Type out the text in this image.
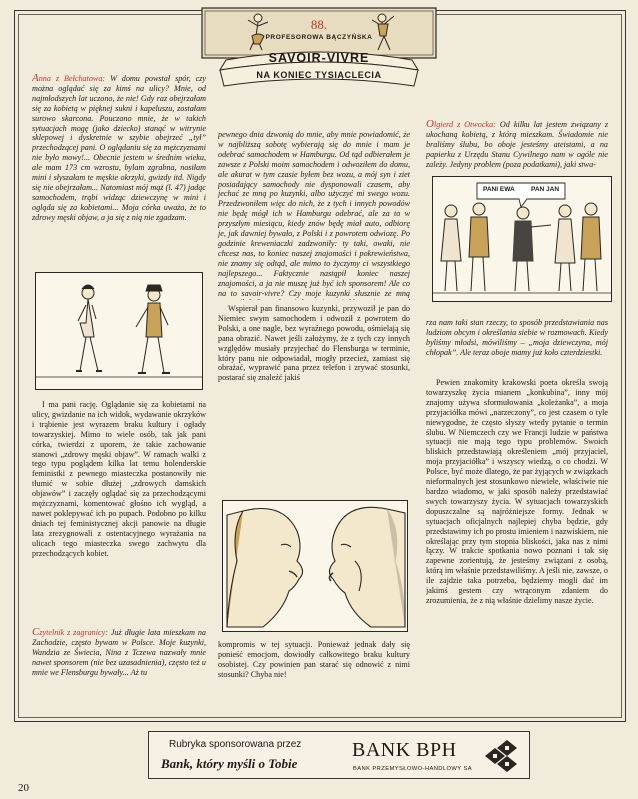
88.
PROFESOROWA BĄCZYŃSKA
SAVOIR-VIVRE
NA KONIEC TYSIĄCLECIA

Anna z Bełchatowa: W domu powstał spór, czy można oglądać się za kimś na ulicy? Mnie, od najmłodszych lat uczono, że nie! Gdy raz obejrzałam się za kobietą w pięknej sukni i kapeluszu, zostałam surowo skarcona. Pouczono mnie, że w takich sytuacjach mogę (jako dziecko) stanąć w witrynie sklepowej i dyskretnie w szybie obejrzeć „tył” przechodzącej pani. O oglądaniu się za mężczyznami nie było mowy!... Obecnie jestem w średnim wieku, ale mam 173 cm wzrostu, bylam zgrabna, nosiłam mini i słyszałam te męskie okrzyki, gwizdy itd. Nigdy się nie obejrzałam... Natomiast mój mąż (l. 47) jadąc samochodem, trąbi widząc dziewczynę w mini i ogląda się za kobietami... Moja córka uważa, że to zdrowy męski objaw, a ja się z nią nie zgadzam.

I ma pani rację. Oglądanie się za kobietami na ulicy, gwizdanie na ich widok, wydawanie okrzyków i trąbienie jest wyrazem braku kultury i ogłady towarzyskiej. Mimo to wiele osób, tak jak pani córka, twierdzi z uporem, że takie zachowanie stanowi „zdrowy męski objaw”. W ramach walki z tego typu poglądem kilka lat temu holenderskie feministki z pewnego miasteczka postanowiły nie tłumić w sobie dłużej „zdrowych damskich objawów” i zaczęły oglądać się za przechodzącymi mężczyznami, komentować głośno ich wygląd, a nawet poklepywać ich po pupach. Podobno po kilku dniach tej feministycznej akcji panowie na długie lata zrezygnowali z ostentacyjnego wyrażania na ulicach tego miasteczka swego zachwytu dla przechodzących kobiet.

Czytelnik z zagranicy: Już długie lata mieszkam na Zachodzie, często bywam w Polsce. Moje kuzynki, Wandzia ze Świecia, Nina z Tczewa nazwały mnie nawet sponsorem (nie bez uzasadnienia), często też u mnie we Flensburgu bywały... Aż tu

pewnego dnia dzwonią do mnie, aby mnie powiadomić, że w najbliższą sobotę wybierają się do mnie i mam je odebrać samochodem w Hamburgu. Od tąd odbierałem je zawsze z Polski moim samochodem i odwoziłem do domu, ale akurat w tym czasie byłem bez wozu, a mój syn i ziet posiadający samochody nie dysponowali czasem, aby jechać ze mną po kuzynki, albo użyczyć mi swego wozu. Przedzwoniłem więc do nich, że z tych i innych powodów nie będę mógł ich w Hamburgu odebrać, ale za to w przyszłym miesiącu, kiedy znów będę miał auto, odbiorę je, jak dawniej bywało, z Polski i z powrotem odwiozę. Po godzinie kreweniaczki zadzwoniły: ty taki, owaki, nie chcesz nas, to koniec naszej znajomości i pokrewieństwa, nie znamy się odtąd, ale mimo to życzymy ci wszystkiego najlepszego... Faktycznie nastąpił koniec naszej znajomości, a ja nie muszę już być ich sponsorem! Ale co na to savoir-vivre? Czy moje kuzynki słusznie ze mną

Wspierał pan finansowo kuzynki, przywoził je pan do Niemiec swym samochodem i odwoził z powrotem do Polski, a one nagle, bez wyraźnego powodu, ośmielają się pana obrazić. Nawet jeśli założymy, że z tych czy innych względów musiały przyjechać do Flensburga w terminie, który panu nie odpowiadał, mogły przecież, zamiast się obrażać, wyprawić pana przez telefon i zrywać stosunki, postarać się znaleźć jakiś

kompromis w tej sytuacji. Ponieważ jednak dały się ponieść emocjom, dowiodły całkowitego braku kultury osobistej. Czy powinien pan starać się odnowić z nimi stosunki? Chyba nie!

Olgierd z Otwocka: Od kilku lat jestem związany z ukochaną kobietą, z którą mieszkam. Świadomie nie braliśmy ślubu, bo oboje jesteśmy ateistami, a na papierku z Urzędu Stanu Cywilnego nam w ogóle nie zależy. Jedyny problem (poza podatkami), jaki stwa-

PANI EWA	PAN JAN

rza nam taki stan rzeczy, to sposób przedstawiania nas ludziom obcym i określania siebie w rozmowach. Kiedy byliśmy młodsi, mówiliśmy – „moja dziewczyna, mój chłopak”. Ale teraz oboje mamy już koło czterdziestki.

Pewien znakomity krakowski poeta określa swoją towarzyszkę życia mianem „konkubina”, inny mój znajomy używa sformułowania „koleżanka”, a moja przyjaciółka mówi „narzeczony”, co jest czasem o tyle niewygodne, że często słyszy wtedy pytanie o termin ślubu. W Niemczech czy we Francji ludzie w państwa sytuacji nie mają tego typu problemów. Swoich bliskich przedstawiają określeniem „mój przyjaciel, moja przyjaciółka” i wszyscy wiedzą, o co chodzi. W Polsce, być może dlatego, że par żyjących w związkach nieformalnych jest stosunkowo niewiele, właściwie nie bardzo wiadomo, w jaki sposób należy przedstawiać swych towarzyszy życia. W sytuacjach towarzyskich dopuszczalne są najróżniejsze formy. Jednak w sytuacjach oficjalnych najlepiej chyba będzie, gdy przedstawimy ich po prostu imieniem i nazwiskiem, nie określając przy tym stopnia bliskości, jaka nas z nimi łączy. W trakcie spotkania nowo poznani i tak się zapewne zorientują, że jesteśmy związani z osobą, którą im właśnie przedstawiliśmy. A jeśli nie, zawsze, o ile zajdzie taka potrzeba, będziemy mogli dać im jakimś gestem czy wtrąconym zdaniem do zrozumienia, że z nią właśnie dzielimy nasze życie.

Rubryka sponsorowana przez
Bank, który myśli o Tobie
BANK BPH
BANK PRZEMYSŁOWO-HANDLOWY SA
20
